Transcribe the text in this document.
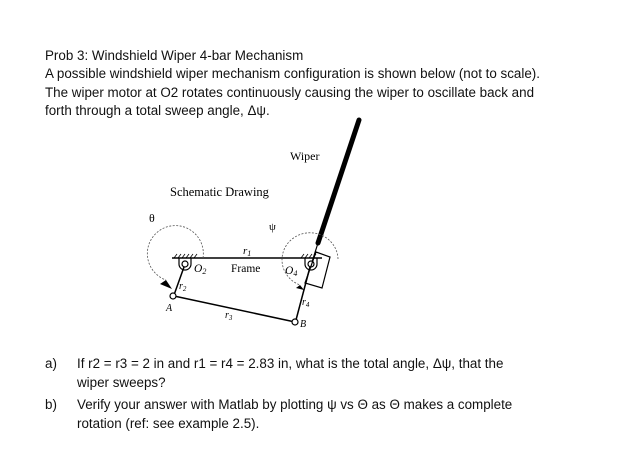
Prob 3: Windshield Wiper 4-bar Mechanism
A possible windshield wiper mechanism configuration is shown below (not to scale).
The wiper motor at O2 rotates continuously causing the wiper to oscillate back and
forth through a total sweep angle, Δψ.
Wiper
Schematic Drawing
θ
ψ
r1
Frame
O2	O4
$r_2$
A
$r_3$
$r_4$
B
a) If r2 = r3 = 2 in and r1 = r4 = 2.83 in, what is the total angle, Δψ, that the
wiper sweeps?
b) Verify your answer with Matlab by plotting ψ vs Θ as Θ makes a complete
rotation (ref: see example 2.5).
